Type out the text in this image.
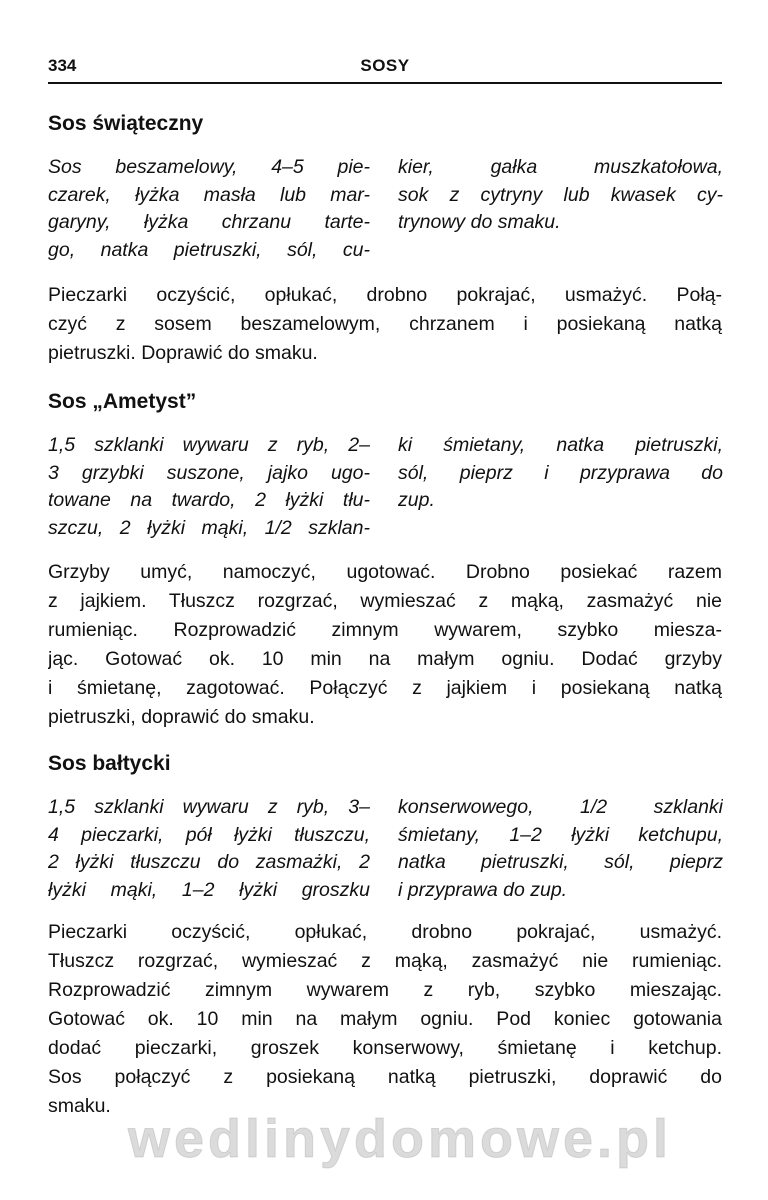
334	SOSY
Sos świąteczny
Sos beszamelowy, 4–5 pie-
czarek, łyżka masła lub mar-
garyny, łyżka chrzanu tarte-
go, natka pietruszki, sól, cu-
kier, gałka muszkatołowa,
sok z cytryny lub kwasek cy-
trynowy do smaku.
Pieczarki oczyścić, opłukać, drobno pokrajać, usmażyć. Połą-
czyć z sosem beszamelowym, chrzanem i posiekaną natką
pietruszki. Doprawić do smaku.
Sos „Ametyst”
1,5 szklanki wywaru z ryb, 2–
3 grzybki suszone, jajko ugo-
towane na twardo, 2 łyżki tłu-
szczu, 2 łyżki mąki, 1/2 szklan-
ki śmietany, natka pietruszki,
sól, pieprz i przyprawa do
zup.
Grzyby umyć, namoczyć, ugotować. Drobno posiekać razem
z jajkiem. Tłuszcz rozgrzać, wymieszać z mąką, zasmażyć nie
rumieniąc. Rozprowadzić zimnym wywarem, szybko miesza-
jąc. Gotować ok. 10 min na małym ogniu. Dodać grzyby
i śmietanę, zagotować. Połączyć z jajkiem i posiekaną natką
pietruszki, doprawić do smaku.
Sos bałtycki
1,5 szklanki wywaru z ryb, 3–
4 pieczarki, pół łyżki tłuszczu,
2 łyżki tłuszczu do zasmażki, 2
łyżki mąki, 1–2 łyżki groszku
konserwowego, 1/2 szklanki
śmietany, 1–2 łyżki ketchupu,
natka pietruszki, sól, pieprz
i przyprawa do zup.
Pieczarki oczyścić, opłukać, drobno pokrajać, usmażyć.
Tłuszcz rozgrzać, wymieszać z mąką, zasmażyć nie rumieniąc.
Rozprowadzić zimnym wywarem z ryb, szybko mieszając.
Gotować ok. 10 min na małym ogniu. Pod koniec gotowania
dodać pieczarki, groszek konserwowy, śmietanę i ketchup.
Sos połączyć z posiekaną natką pietruszki, doprawić do
smaku.
wedlinydomowe.pl
